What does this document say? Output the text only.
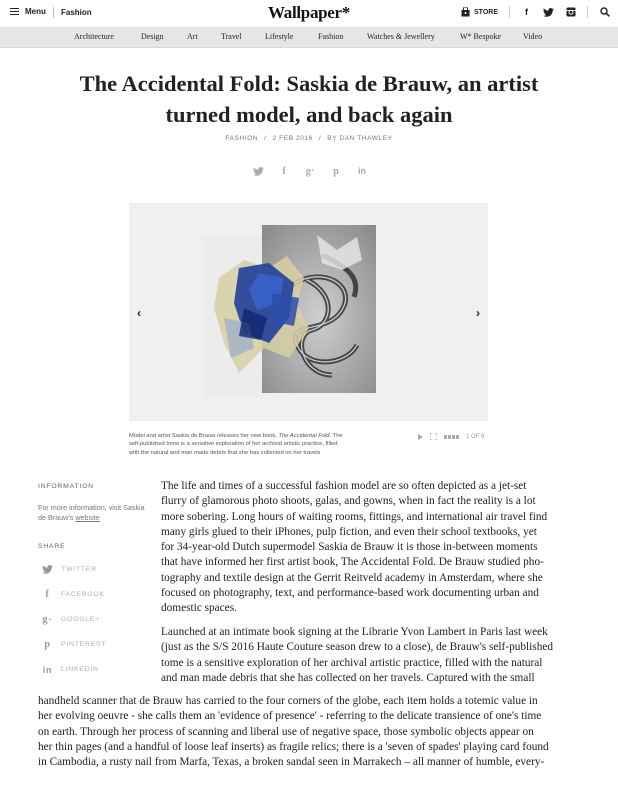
Menu Fashion	Wallpaper*	STORE	f
Architecture	Design	Art	Travel	Lifestyle	Fashion	Watches & Jewellery	W* Bespoke	Video
The Accidental Fold: Saskia de Brauw, an artist
turned model, and back again
FASHION / 2 FEB 2016 / BY DAN THAWLEY
f	g +	p	in
‹	›
Model and artist Saskia de Brauw releases her new book, The Accidental Fold. The self-published tome is a sensitive exploration of her archival artistic practice, filled with the natural and man made debris that she has collected on her travels
1 OF 9
INFORMATION
For more information, visit Saskia de Brauw's website
SHARE
TWITTER
f	FACEBOOK
g + GOOGLE+
p	PINTEREST
in LINKEDIN
The life and times of a successful fashion model are so often depicted as a jet-set
flurry of glamorous photo shoots, galas, and gowns, when in fact the reality is a lot
more sobering. Long hours of waiting rooms, fittings, and international air travel find
many girls glued to their iPhones, pulp fiction, and even their school textbooks, yet
for 34-year-old Dutch supermodel Saskia de Brauw it is those in-between moments
that have informed her first artist book, The Accidental Fold. De Brauw studied pho-
tography and textile design at the Gerrit Reitveld academy in Amsterdam, where she
focused on photography, text, and performance-based work documenting urban and
domestic spaces.
Launched at an intimate book signing at the Librarie Yvon Lambert in Paris last week
(just as the S/S 2016 Haute Couture season drew to a close), de Brauw's self-published
tome is a sensitive exploration of her archival artistic practice, filled with the natural
and man made debris that she has collected on her travels. Captured with the small
handheld scanner that de Brauw has carried to the four corners of the globe, each item holds a totemic value in
her evolving oeuvre - she calls them an 'evidence of presence' - referring to the delicate transience of one's time
on earth. Through her process of scanning and liberal use of negative space, those symbolic objects appear on
her thin pages (and a handful of loose leaf inserts) as fragile relics; there is a 'seven of spades' playing card found
in Cambodia, a rusty nail from Marfa, Texas, a broken sandal seen in Marrakech – all manner of humble, every-
